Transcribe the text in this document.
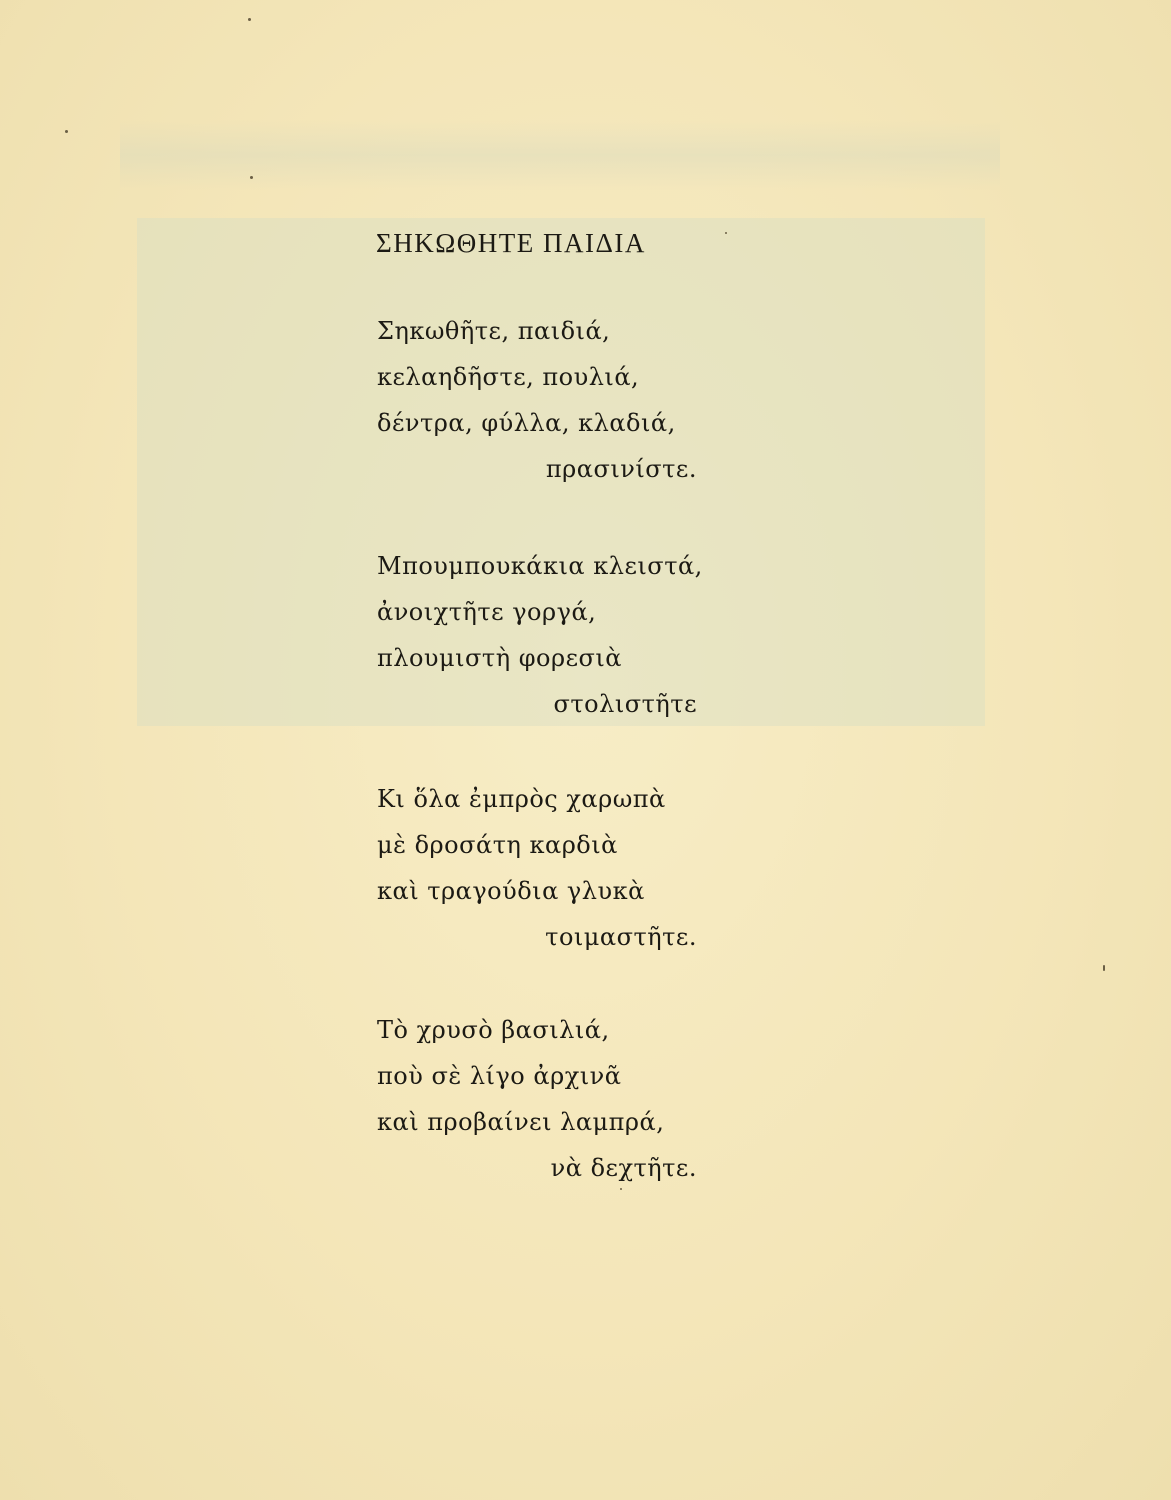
ΣΗΚΩΘΗΤΕ ΠΑΙΔΙΑ
Σηκωθῆτε, παιδιά,
κελαηδῆστε, πουλιά,
δέντρα, φύλλα, κλαδιά,
πρασινίστε.
Μπουμπουκάκια κλειστά,
ἀνοιχτῆτε γοργά,
πλουμιστὴ φορεσιὰ
στολιστῆτε
Κι ὅλα ἐμπρὸς χαρωπὰ
μὲ δροσάτη καρδιὰ
καὶ τραγούδια γλυκὰ
τοιμαστῆτε.
Τὸ χρυσὸ βασιλιά,
ποὺ σὲ λίγο ἀρχινᾶ
καὶ προβαίνει λαμπρά,
νὰ δεχτῆτε.
